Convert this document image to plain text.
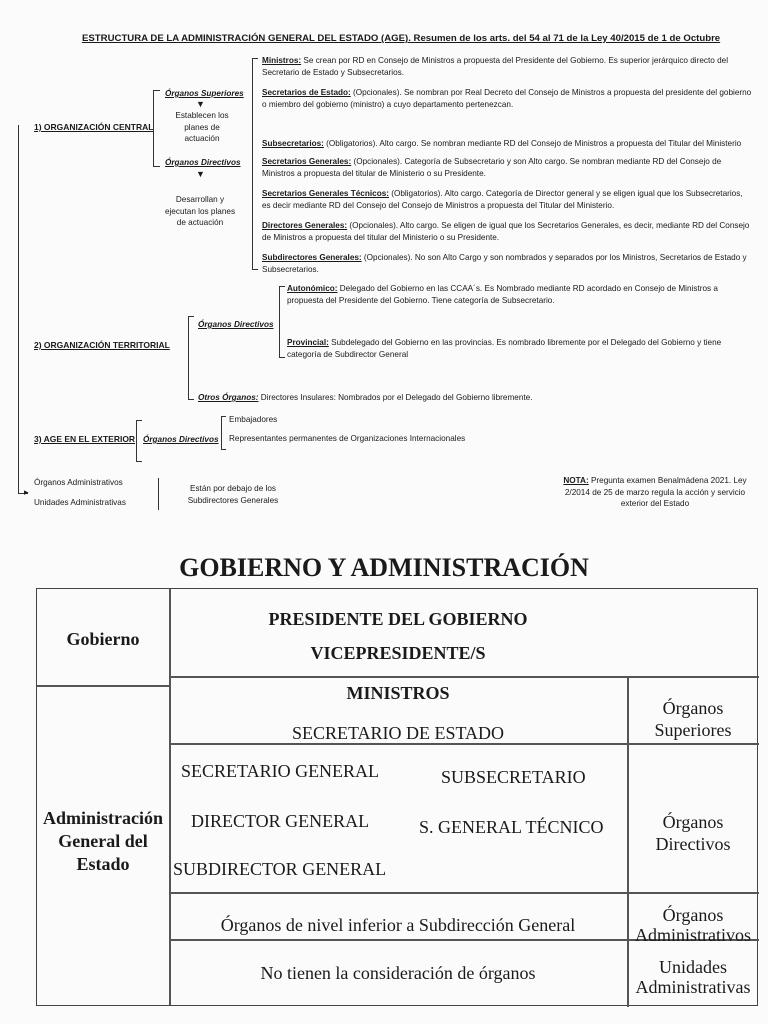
ESTRUCTURA DE LA ADMINISTRACIÓN GENERAL DEL ESTADO (AGE). Resumen de los arts. del 54 al 71 de la Ley 40/2015 de 1 de Octubre
▸
1) ORGANIZACIÓN CENTRAL
Órganos Superiores
▼
Establecen los planes de actuación
Órganos Directivos
▼
Desarrollan y ejecutan los planes de actuación
Ministros: Se crean por RD en Consejo de Ministros a propuesta del Presidente del Gobierno. Es superior jerárquico directo del Secretario de Estado y Subsecretarios.
Secretarios de Estado: (Opcionales). Se nombran por Real Decreto del Consejo de Ministros a propuesta del presidente del gobierno o miembro del gobierno (ministro) a cuyo departamento pertenezcan.
Subsecretarios: (Obligatorios). Alto cargo. Se nombran mediante RD del Consejo de Ministros a propuesta del Titular del Ministerio
Secretarios Generales: (Opcionales). Categoría de Subsecretario y son Alto cargo. Se nombran mediante RD del Consejo de Ministros a propuesta del titular de Ministerio o su Presidente.
Secretarios Generales Técnicos: (Obligatorios). Alto cargo. Categoría de Director general y se eligen igual que los Subsecretarios, es decir mediante RD del Consejo del Consejo de Ministros a propuesta del Titular del Ministerio.
Directores Generales: (Opcionales). Alto cargo. Se eligen de igual que los Secretarios Generales, es decir, mediante RD del Consejo de Ministros a propuesta del titular del Ministerio o su Presidente.
Subdirectores Generales: (Opcionales). No son Alto Cargo y son nombrados y separados por los Ministros, Secretarios de Estado y Subsecretarios.
2) ORGANIZACIÓN TERRITORIAL
Órganos Directivos
Autonómico: Delegado del Gobierno en las CCAA´s. Es Nombrado mediante RD acordado en Consejo de Ministros a propuesta del Presidente del Gobierno. Tiene categoría de Subsecretario.
Provincial: Subdelegado del Gobierno en las provincias. Es nombrado libremente por el Delegado del Gobierno y tiene categoría de Subdirector General
Otros Órganos: Directores Insulares: Nombrados por el Delegado del Gobierno libremente.
3) AGE EN EL EXTERIOR Órganos Directivos
Embajadores
Representantes permanentes de Organizaciones Internacionales
Órganos Administrativos
Unidades Administrativas
Están por debajo de los Subdirectores Generales
NOTA: Pregunta examen Benalmádena 2021. Ley 2/2014 de 25 de marzo regula la acción y servicio exterior del Estado
GOBIERNO Y ADMINISTRACIÓN
Gobierno
PRESIDENTE DEL GOBIERNO
VICEPRESIDENTE/S
Administración General del Estado
MINISTROS
SECRETARIO DE ESTADO
Órganos Superiores
SECRETARIO GENERAL	SUBSECRETARIO
DIRECTOR GENERAL	S. GENERAL TÉCNICO
SUBDIRECTOR GENERAL
Órganos Directivos
Órganos de nivel inferior a Subdirección General	Órganos Administrativos
No tienen la consideración de órganos	Unidades Administrativas
